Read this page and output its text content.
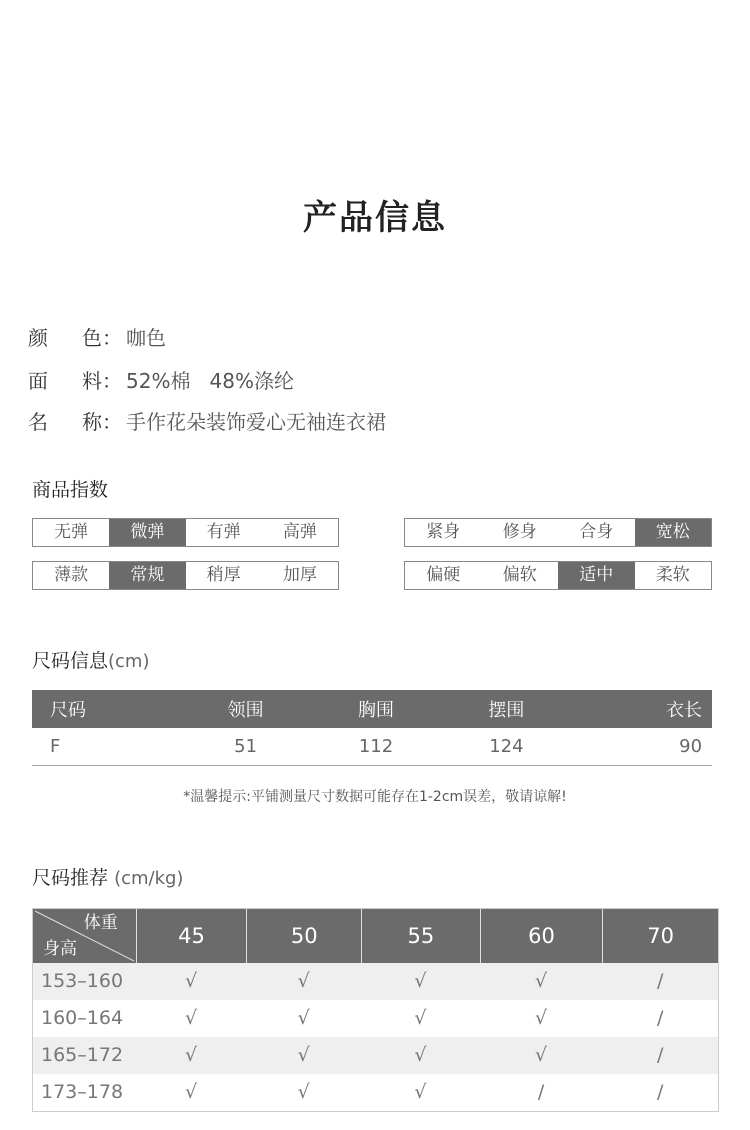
产品信息
颜 色： 咖色
面 料： 52%棉   48%涤纶
名 称： 手作花朵装饰爱心无袖连衣裙
商品指数
无弹	微弹	有弹	高弹	紧身	修身	合身	宽松
薄款	常规	稍厚	加厚	偏硬	偏软	适中	柔软
尺码信息(cm)
尺码	领围	胸围	摆围	衣长
F	51	112	124	90
*温馨提示:平铺测量尺寸数据可能存在1-2cm误差，敬请谅解!
尺码推荐 (cm/kg)
体重
身高
45	50	55	60	70
153–160	√	√	√	√	/
160–164	√	√	√	√	/
165–172	√	√	√	√	/
173–178	√	√	√	/	/
